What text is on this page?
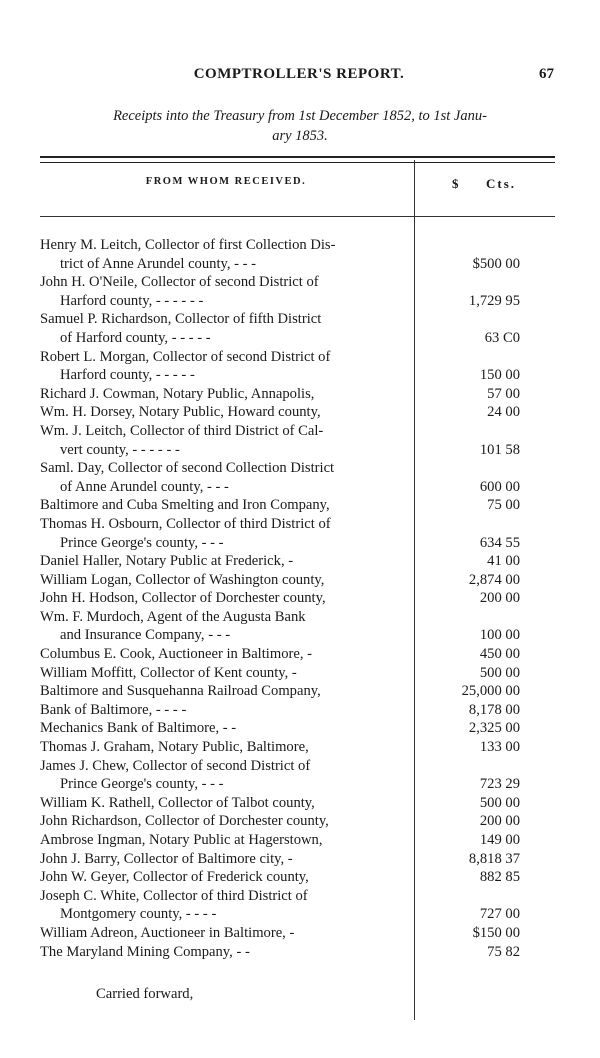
COMPTROLLER'S REPORT.	67
Receipts into the Treasury from 1st December 1852, to 1st Janu-
ary 1853.
FROM WHOM RECEIVED.	$ Cts.
Henry M. Leitch, Collector of first Collection Dis-
trict of Anne Arundel county, - - -	$500 00
John H. O'Neile, Collector of second District of
Harford county, - - - - - -	1,729 95
Samuel P. Richardson, Collector of fifth District
of Harford county, - - - - -	63 C0
Robert L. Morgan, Collector of second District of
Harford county, - - - - -	150 00
Richard J. Cowman, Notary Public, Annapolis,	57 00
Wm. H. Dorsey, Notary Public, Howard county,	24 00
Wm. J. Leitch, Collector of third District of Cal-
vert county, - - - - - -	101 58
Saml. Day, Collector of second Collection District
of Anne Arundel county, - - -	600 00
Baltimore and Cuba Smelting and Iron Company,	75 00
Thomas H. Osbourn, Collector of third District of
Prince George's county, - - -	634 55
Daniel Haller, Notary Public at Frederick, -	41 00
William Logan, Collector of Washington county,	2,874 00
John H. Hodson, Collector of Dorchester county,	200 00
Wm. F. Murdoch, Agent of the Augusta Bank
and Insurance Company, - - -	100 00
Columbus E. Cook, Auctioneer in Baltimore, -	450 00
William Moffitt, Collector of Kent county, -	500 00
Baltimore and Susquehanna Railroad Company,	25,000 00
Bank of Baltimore, - - - -	8,178 00
Mechanics Bank of Baltimore, - -	2,325 00
Thomas J. Graham, Notary Public, Baltimore,	133 00
James J. Chew, Collector of second District of
Prince George's county, - - -	723 29
William K. Rathell, Collector of Talbot county,	500 00
John Richardson, Collector of Dorchester county,	200 00
Ambrose Ingman, Notary Public at Hagerstown,	149 00
John J. Barry, Collector of Baltimore city, -	8,818 37
John W. Geyer, Collector of Frederick county,	882 85
Joseph C. White, Collector of third District of
Montgomery county, - - - -	727 00
William Adreon, Auctioneer in Baltimore, -	$150 00
The Maryland Mining Company, - -	75 82
Carried forward,
